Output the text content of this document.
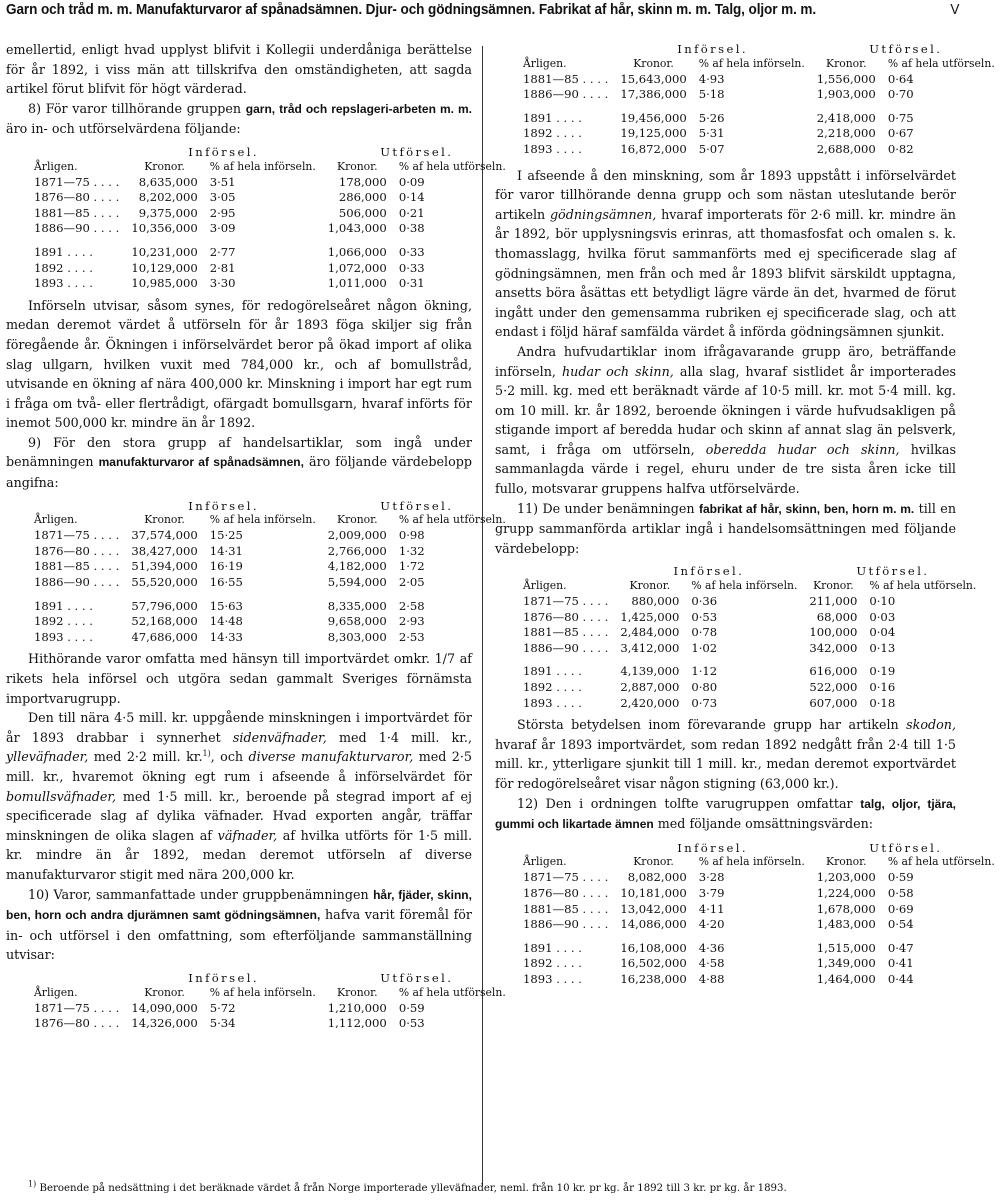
Garn och tråd m. m. Manufakturvaror af spånadsämnen. Djur- och gödningsämnen. Fabrikat af hår, skinn m. m. Talg, oljor m. m.	V

emellertid, enligt hvad upplyst blifvit i Kollegii underdåniga berättelse för år 1892, i viss män att tillskrifva den omständigheten, att sagda artikel förut blifvit för högt värderad.

8) För varor tillhörande gruppen garn, tråd och repslageri-arbeten m. m. äro in- och utförselvärdena följande:

	Införsel.		Utförsel.	
Årligen.	Kronor.	% af hela införseln.	Kronor.	% af hela utförseln.
1871—75 . . . .	8,635,000	3·51	178,000	0·09
1876—80 . . . .	8,202,000	3·05	286,000	0·14
1881—85 . . . .	9,375,000	2·95	506,000	0·21
1886—90 . . . .	10,356,000	3·09	1,043,000	0·38

1891 . . . .	10,231,000	2·77	1,066,000	0·33
1892 . . . .	10,129,000	2·81	1,072,000	0·33
1893 . . . .	10,985,000	3·30	1,011,000	0·31

Införseln utvisar, såsom synes, för redogörelseåret någon ökning, medan deremot värdet å utförseln för år 1893 föga skiljer sig från föregående år. Ökningen i införselvärdet beror på ökad import af olika slag ullgarn, hvilken vuxit med 784,000 kr., och af bomullstråd, utvisande en ökning af nära 400,000 kr. Minskning i import har egt rum i fråga om två- eller flertrådigt, ofärgadt bomullsgarn, hvaraf införts för inemot 500,000 kr. mindre än år 1892.

9) För den stora grupp af handelsartiklar, som ingå under benämningen manufakturvaror af spånadsämnen, äro följande värdebelopp angifna:

	Införsel.		Utförsel.	
Årligen.	Kronor.	% af hela införseln.	Kronor.	% af hela utförseln.
1871—75 . . . .	37,574,000	15·25	2,009,000	0·98
1876—80 . . . .	38,427,000	14·31	2,766,000	1·32
1881—85 . . . .	51,394,000	16·19	4,182,000	1·72
1886—90 . . . .	55,520,000	16·55	5,594,000	2·05

1891 . . . .	57,796,000	15·63	8,335,000	2·58
1892 . . . .	52,168,000	14·48	9,658,000	2·93
1893 . . . .	47,686,000	14·33	8,303,000	2·53

Hithörande varor omfatta med hänsyn till importvärdet omkr. 1/7 af rikets hela införsel och utgöra sedan gammalt Sveriges förnämsta importvarugrupp.

Den till nära 4·5 mill. kr. uppgående minskningen i importvärdet för år 1893 drabbar i synnerhet sidenväfnader, med 1·4 mill. kr., ylleväfnader, med 2·2 mill. kr.$^{1)}$, och diverse manufakturvaror, med 2·5 mill. kr., hvaremot ökning egt rum i afseende å införselvärdet för bomullsväfnader, med 1·5 mill. kr., beroende på stegrad import af ej specificerade slag af dylika väfnader. Hvad exporten angår, träffar minskningen de olika slagen af väfnader, af hvilka utförts för 1·5 mill. kr. mindre än år 1892, medan deremot utförseln af diverse manufakturvaror stigit med nära 200,000 kr.

10) Varor, sammanfattade under gruppbenämningen hår, fjäder, skinn, ben, horn och andra djurämnen samt gödningsämnen, hafva varit föremål för in- och utförsel i den omfattning, som efterföljande sammanställning utvisar:

	Införsel.		Utförsel.	
Årligen.	Kronor.	% af hela införseln.	Kronor.	% af hela utförseln.
1871—75 . . . .	14,090,000	5·72	1,210,000	0·59
1876—80 . . . .	14,326,000	5·34	1,112,000	0·53
	Införsel.		Utförsel.	
Årligen.	Kronor.	% af hela införseln.	Kronor.	% af hela utförseln.
1881—85 . . . .	15,643,000	4·93	1,556,000	0·64
1886—90 . . . .	17,386,000	5·18	1,903,000	0·70

1891 . . . .	19,456,000	5·26	2,418,000	0·75
1892 . . . .	19,125,000	5·31	2,218,000	0·67
1893 . . . .	16,872,000	5·07	2,688,000	0·82

I afseende å den minskning, som år 1893 uppstått i införselvärdet för varor tillhörande denna grupp och som nästan uteslutande berör artikeln gödningsämnen, hvaraf importerats för 2·6 mill. kr. mindre än år 1892, bör upplysningsvis erinras, att thomasfosfat och omalen s. k. thomasslagg, hvilka förut sammanförts med ej specificerade slag af gödningsämnen, men från och med år 1893 blifvit särskildt upptagna, ansetts böra åsättas ett betydligt lägre värde än det, hvarmed de förut ingått under den gemensamma rubriken ej specificerade slag, och att endast i följd häraf samfälda värdet å införda gödningsämnen sjunkit.

Andra hufvudartiklar inom ifrågavarande grupp äro, beträffande införseln, hudar och skinn, alla slag, hvaraf sistlidet år importerades 5·2 mill. kg. med ett beräknadt värde af 10·5 mill. kr. mot 5·4 mill. kg. om 10 mill. kr. år 1892, beroende ökningen i värde hufvudsakligen på stigande import af beredda hudar och skinn af annat slag än pelsverk, samt, i fråga om utförseln, oberedda hudar och skinn, hvilkas sammanlagda värde i regel, ehuru under de tre sista åren icke till fullo, motsvarar gruppens halfva utförselvärde.

11) De under benämningen fabrikat af hår, skinn, ben, horn m. m. till en grupp sammanförda artiklar ingå i handelsomsättningen med följande värdebelopp:

	Införsel.		Utförsel.	
Årligen.	Kronor.	% af hela införseln.	Kronor.	% af hela utförseln.
1871—75 . . . .	880,000	0·36	211,000	0·10
1876—80 . . . .	1,425,000	0·53	68,000	0·03
1881—85 . . . .	2,484,000	0·78	100,000	0·04
1886—90 . . . .	3,412,000	1·02	342,000	0·13

1891 . . . .	4,139,000	1·12	616,000	0·19
1892 . . . .	2,887,000	0·80	522,000	0·16
1893 . . . .	2,420,000	0·73	607,000	0·18

Största betydelsen inom förevarande grupp har artikeln skodon, hvaraf år 1893 importvärdet, som redan 1892 nedgått från 2·4 till 1·5 mill. kr., ytterligare sjunkit till 1 mill. kr., medan deremot exportvärdet för redogörelseåret visar någon stigning (63,000 kr.).

12) Den i ordningen tolfte varugruppen omfattar talg, oljor, tjära, gummi och likartade ämnen med följande omsättningsvärden:

	Införsel.		Utförsel.	
Årligen.	Kronor.	% af hela införseln.	Kronor.	% af hela utförseln.
1871—75 . . . .	8,082,000	3·28	1,203,000	0·59
1876—80 . . . .	10,181,000	3·79	1,224,000	0·58
1881—85 . . . .	13,042,000	4·11	1,678,000	0·69
1886—90 . . . .	14,086,000	4·20	1,483,000	0·54

1891 . . . .	16,108,000	4·36	1,515,000	0·47
1892 . . . .	16,502,000	4·58	1,349,000	0·41
1893 . . . .	16,238,000	4·88	1,464,000	0·44
$^{1)}$ Beroende på nedsättning i det beräknade värdet å från Norge importerade ylleväfnader, neml. från 10 kr. pr kg. år 1892 till 3 kr. pr kg. år 1893.
